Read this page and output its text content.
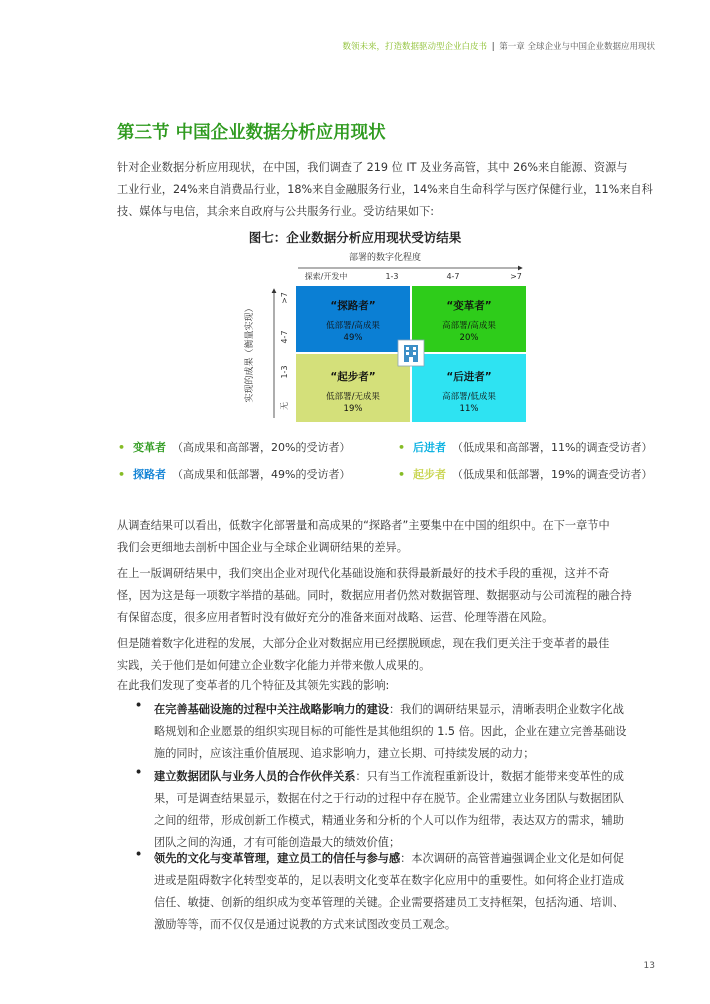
数领未来，打造数据驱动型企业白皮书 | 第一章 全球企业与中国企业数据应用现状
第三节 中国企业数据分析应用现状
针对企业数据分析应用现状，在中国，我们调查了 219 位 IT 及业务高管，其中 26%来自能源、资源与
工业行业，24%来自消费品行业，18%来自金融服务行业，14%来自生命科学与医疗保健行业，11%来自科
技、媒体与电信，其余来自政府与公共服务行业。受访结果如下:
图七：企业数据分析应用现状受访结果
部署的数字化程度
探索/开发中	1-3	4-7	>7
实现的成果（衡量实现）
>7
4-7
1-3
无
“探路者”
低部署/高成果
49%
“变革者”
高部署/高成果
20%
“起步者”
低部署/无成果
19%
“后进者”
高部署/低成果
11%
• 变革者 （高成果和高部署，20%的受访者）	• 后进者 （低成果和高部署，11%的调查受访者）
• 探路者 （高成果和低部署，49%的受访者）	• 起步者 （低成果和低部署，19%的调查受访者）
从调查结果可以看出，低数字化部署量和高成果的“探路者”主要集中在中国的组织中。在下一章节中
我们会更细地去剖析中国企业与全球企业调研结果的差异。
在上一版调研结果中，我们突出企业对现代化基础设施和获得最新最好的技术手段的重视，这并不奇
怪，因为这是每一项数字举措的基础。同时，数据应用者仍然对数据管理、数据驱动与公司流程的融合持
有保留态度，很多应用者暂时没有做好充分的准备来面对战略、运营、伦理等潜在风险。
但是随着数字化进程的发展，大部分企业对数据应用已经摆脱顾虑，现在我们更关注于变革者的最佳
实践，关于他们是如何建立企业数字化能力并带来傲人成果的。
在此我们发现了变革者的几个特征及其领先实践的影响:
• 在完善基础设施的过程中关注战略影响力的建设：我们的调研结果显示，清晰表明企业数字化战
略规划和企业愿景的组织实现目标的可能性是其他组织的 1.5 倍。因此，企业在建立完善基础设
施的同时，应该注重价值展现、追求影响力，建立长期、可持续发展的动力；
• 建立数据团队与业务人员的合作伙伴关系：只有当工作流程重新设计，数据才能带来变革性的成
果，可是调查结果显示，数据在付之于行动的过程中存在脱节。企业需建立业务团队与数据团队
之间的纽带，形成创新工作模式，精通业务和分析的个人可以作为纽带，表达双方的需求，辅助
团队之间的沟通，才有可能创造最大的绩效价值；
• 领先的文化与变革管理，建立员工的信任与参与感：本次调研的高管普遍强调企业文化是如何促
进或是阻碍数字化转型变革的，足以表明文化变革在数字化应用中的重要性。如何将企业打造成
信任、敏捷、创新的组织成为变革管理的关键。企业需要搭建员工支持框架，包括沟通、培训、
激励等等，而不仅仅是通过说教的方式来试图改变员工观念。
13
